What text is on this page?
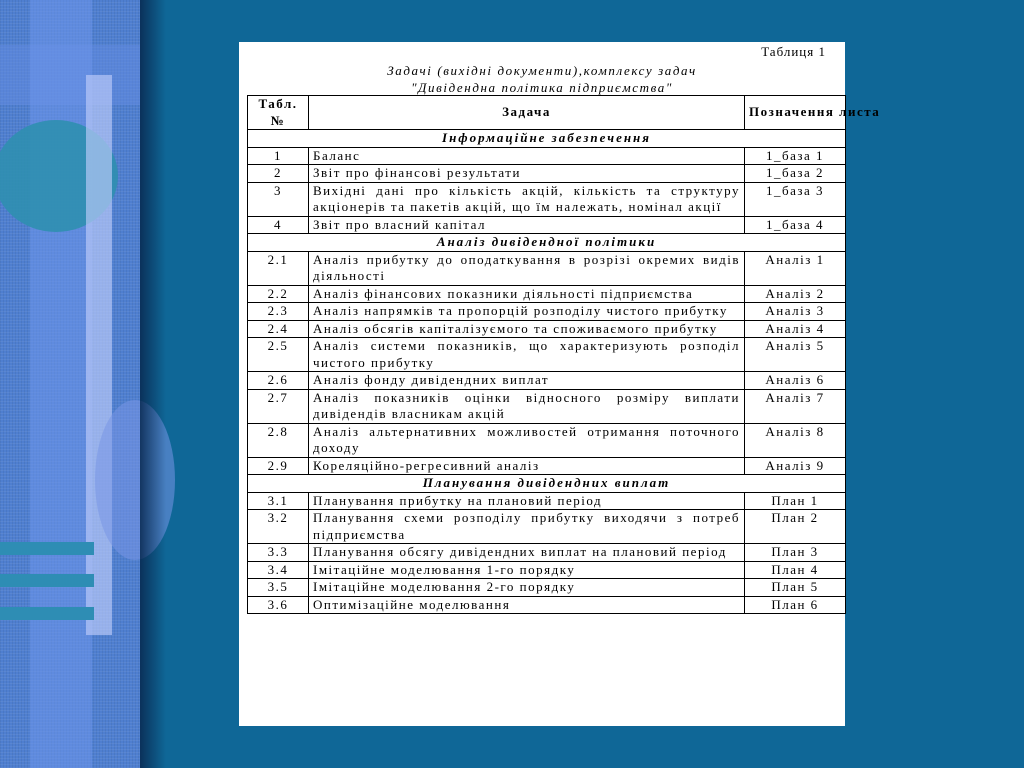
Таблиця 1
Задачі (вихідні документи),комплексу задач
"Дивідендна політика підприємства"
Табл. №	Задача	Позначення листа
Інформаційне забезпечення		
1	Баланс	1_база 1
2	Звіт про фінансові результати	1_база 2
3	Вихідні дані про кількість акцій, кількість та структуру акціонерів та пакетів акцій, що їм належать, номінал акції	1_база 3
4	Звіт про власний капітал	1_база 4
Аналіз дивідендної політики		
2.1	Аналіз прибутку до оподаткування в розрізі окремих видів діяльності	Аналіз 1
2.2	Аналіз фінансових показники діяльності підприємства	Аналіз 2
2.3	Аналіз напрямків та пропорцій розподілу чистого прибутку	Аналіз 3
2.4	Аналіз обсягів капіталізуємого та споживаємого прибутку	Аналіз 4
2.5	Аналіз системи показників, що характеризують розподіл чистого прибутку	Аналіз 5
2.6	Аналіз фонду дивідендних виплат	Аналіз 6
2.7	Аналіз показників оцінки відносного розміру виплати дивідендів власникам акцій	Аналіз 7
2.8	Аналіз альтернативних можливостей отримання поточного доходу	Аналіз 8
2.9	Кореляційно-регресивний аналіз	Аналіз 9
Планування дивідендних виплат		
3.1	Планування прибутку на плановий період	План 1
3.2	Планування схеми розподілу прибутку виходячи з потреб підприємства	План 2
3.3	Планування обсягу дивідендних виплат на плановий період	План 3
3.4	Імітаційне моделювання 1-го порядку	План 4
3.5	Імітаційне моделювання 2-го порядку	План 5
3.6	Оптимізаційне моделювання	План 6
